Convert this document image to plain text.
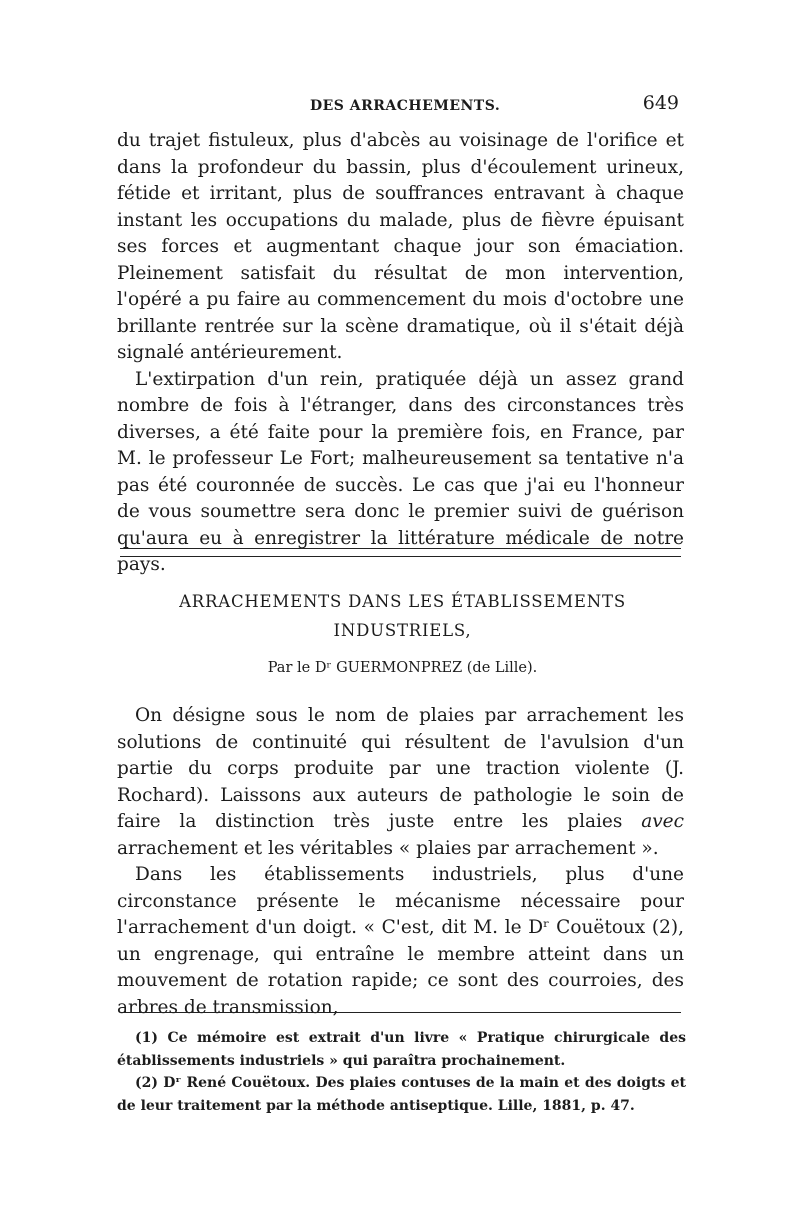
DES ARRACHEMENTS.	649

du trajet fistuleux, plus d'abcès au voisinage de l'orifice et dans la profondeur du bassin, plus d'écoulement urineux, fétide et irritant, plus de souffrances entravant à chaque instant les occupations du malade, plus de fièvre épuisant ses forces et augmentant chaque jour son émaciation. Pleinement satisfait du résultat de mon intervention, l'opéré a pu faire au commencement du mois d'octobre une brillante rentrée sur la scène dramatique, où il s'était déjà signalé antérieurement.

L'extirpation d'un rein, pratiquée déjà un assez grand nombre de fois à l'étranger, dans des circonstances très diverses, a été faite pour la première fois, en France, par M. le professeur Le Fort; malheureusement sa tentative n'a pas été couronnée de succès. Le cas que j'ai eu l'honneur de vous soumettre sera donc le premier suivi de guérison qu'aura eu à enregistrer la littérature médicale de notre pays.

ARRACHEMENTS DANS LES ÉTABLISSEMENTS
INDUSTRIELS,
Par le Dʳ GUERMONPREZ (de Lille).

On désigne sous le nom de plaies par arrachement les solutions de continuité qui résultent de l'avulsion d'un partie du corps produite par une traction violente (J. Rochard). Laissons aux auteurs de pathologie le soin de faire la distinction très juste entre les plaies avec arrachement et les véritables « plaies par arrachement ».

Dans les établissements industriels, plus d'une circonstance présente le mécanisme nécessaire pour l'arrachement d'un doigt. « C'est, dit M. le Dʳ Couëtoux (2), un engrenage, qui entraîne le membre atteint dans un mouvement de rotation rapide; ce sont des courroies, des arbres de transmission,

(1) Ce mémoire est extrait d'un livre « Pratique chirurgicale des établissements industriels » qui paraîtra prochainement.

(2) Dʳ René Couëtoux. Des plaies contuses de la main et des doigts et de leur traitement par la méthode antiseptique. Lille, 1881, p. 47.
